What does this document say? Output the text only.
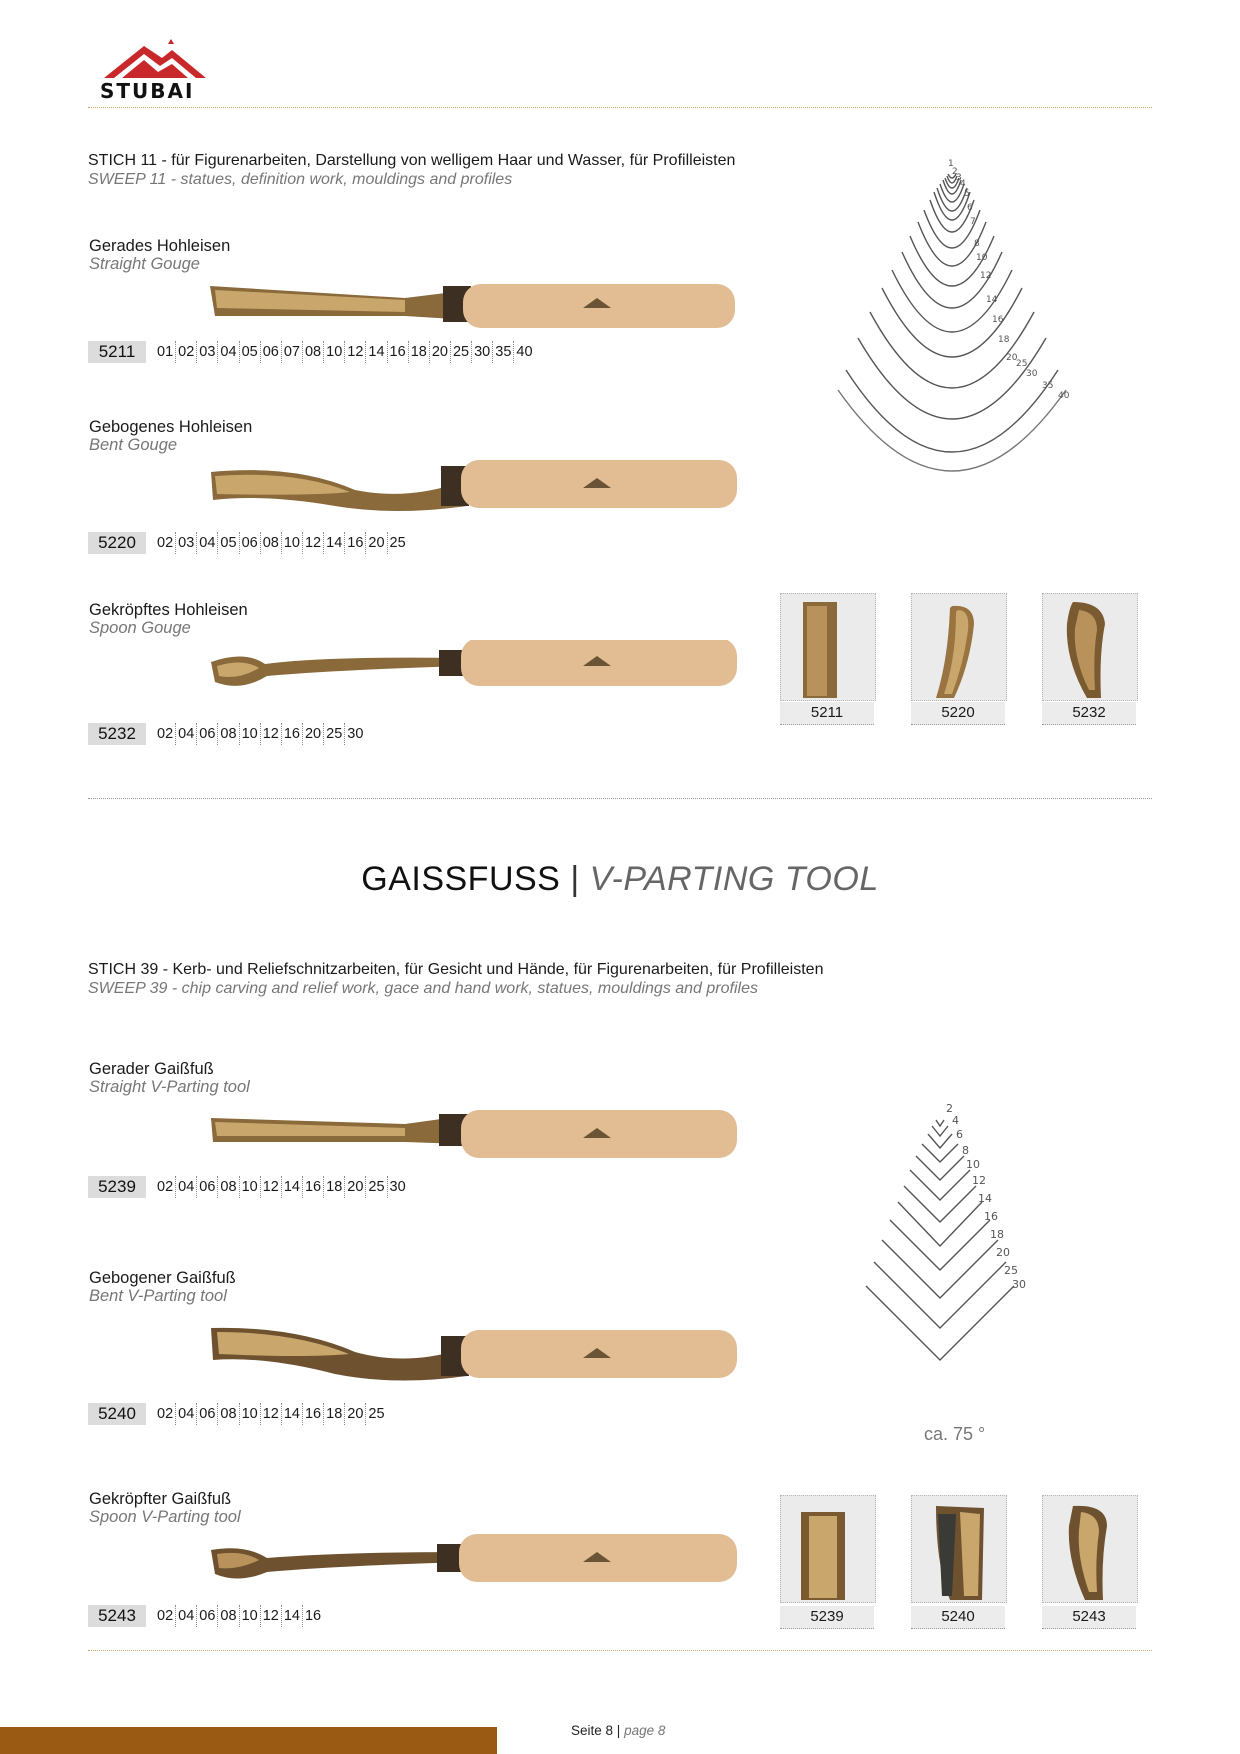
STUBAI
STICH 11 - für Figurenarbeiten, Darstellung von welligem Haar und Wasser, für Profilleisten
SWEEP 11 - statues, definition work, mouldings and profiles
Gerades Hohleisen
Straight Gouge
5211	01 02 03 04 05 06 07 08 10 12 14 16 18 20 25 30 35 40
Gebogenes Hohleisen
Bent Gouge
5220	02 03 04 05 06 08 10 12 14 16 20 25
Gekröpftes Hohleisen
Spoon Gouge
5232	02 04 06 08 10 12 16 20 25 30
1
2
3
4
5
6
7
8
10
12
14
16
18
20
25
30
35
40
5211	5220	5232
GAISSFUSS | V-PARTING TOOL
STICH 39 - Kerb- und Reliefschnitzarbeiten, für Gesicht und Hände, für Figurenarbeiten, für Profilleisten
SWEEP 39 - chip carving and relief work, gace and hand work, statues, mouldings and profiles
Gerader Gaißfuß
Straight V-Parting tool
5239	02 04 06 08 10 12 14 16 18 20 25 30
Gebogener Gaißfuß
Bent V-Parting tool
5240	02 04 06 08 10 12 14 16 18 20 25
Gekröpfter Gaißfuß
Spoon V-Parting tool
5243	02 04 06 08 10 12 14 16
2
4
6
8
10
12
14
16
18
20
25
30
ca. 75 °
5239	5240	5243
Seite 8 | page 8
